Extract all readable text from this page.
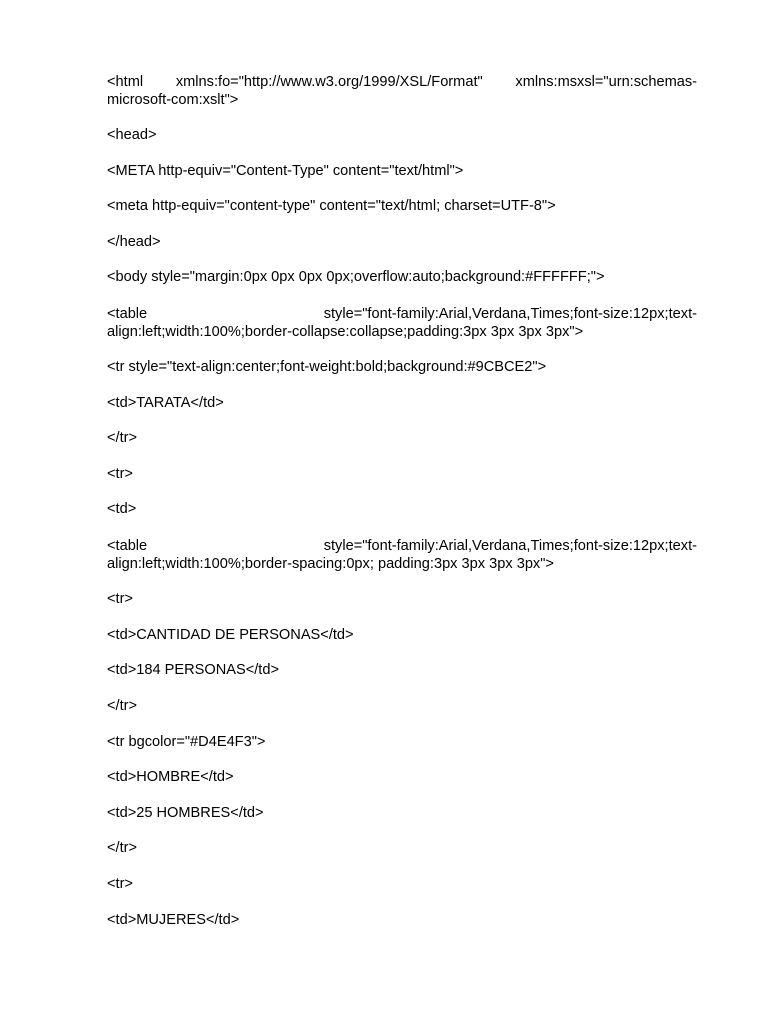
<html xmlns:fo="http://www.w3.org/1999/XSL/Format" xmlns:msxsl="urn:schemas-microsoft-com:xslt">

<head>

<META http-equiv="Content-Type" content="text/html">

<meta http-equiv="content-type" content="text/html; charset=UTF-8">

</head>

<body style="margin:0px 0px 0px 0px;overflow:auto;background:#FFFFFF;">

<table style="font-family:Arial,Verdana,Times;font-size:12px;text-align:left;width:100%;border-collapse:collapse;padding:3px 3px 3px 3px">

<tr style="text-align:center;font-weight:bold;background:#9CBCE2">

<td>TARATA</td>

</tr>

<tr>

<td>

<table style="font-family:Arial,Verdana,Times;font-size:12px;text-align:left;width:100%;border-spacing:0px; padding:3px 3px 3px 3px">

<tr>

<td>CANTIDAD DE PERSONAS</td>

<td>184 PERSONAS</td>

</tr>

<tr bgcolor="#D4E4F3">

<td>HOMBRE</td>

<td>25 HOMBRES</td>

</tr>

<tr>

<td>MUJERES</td>
